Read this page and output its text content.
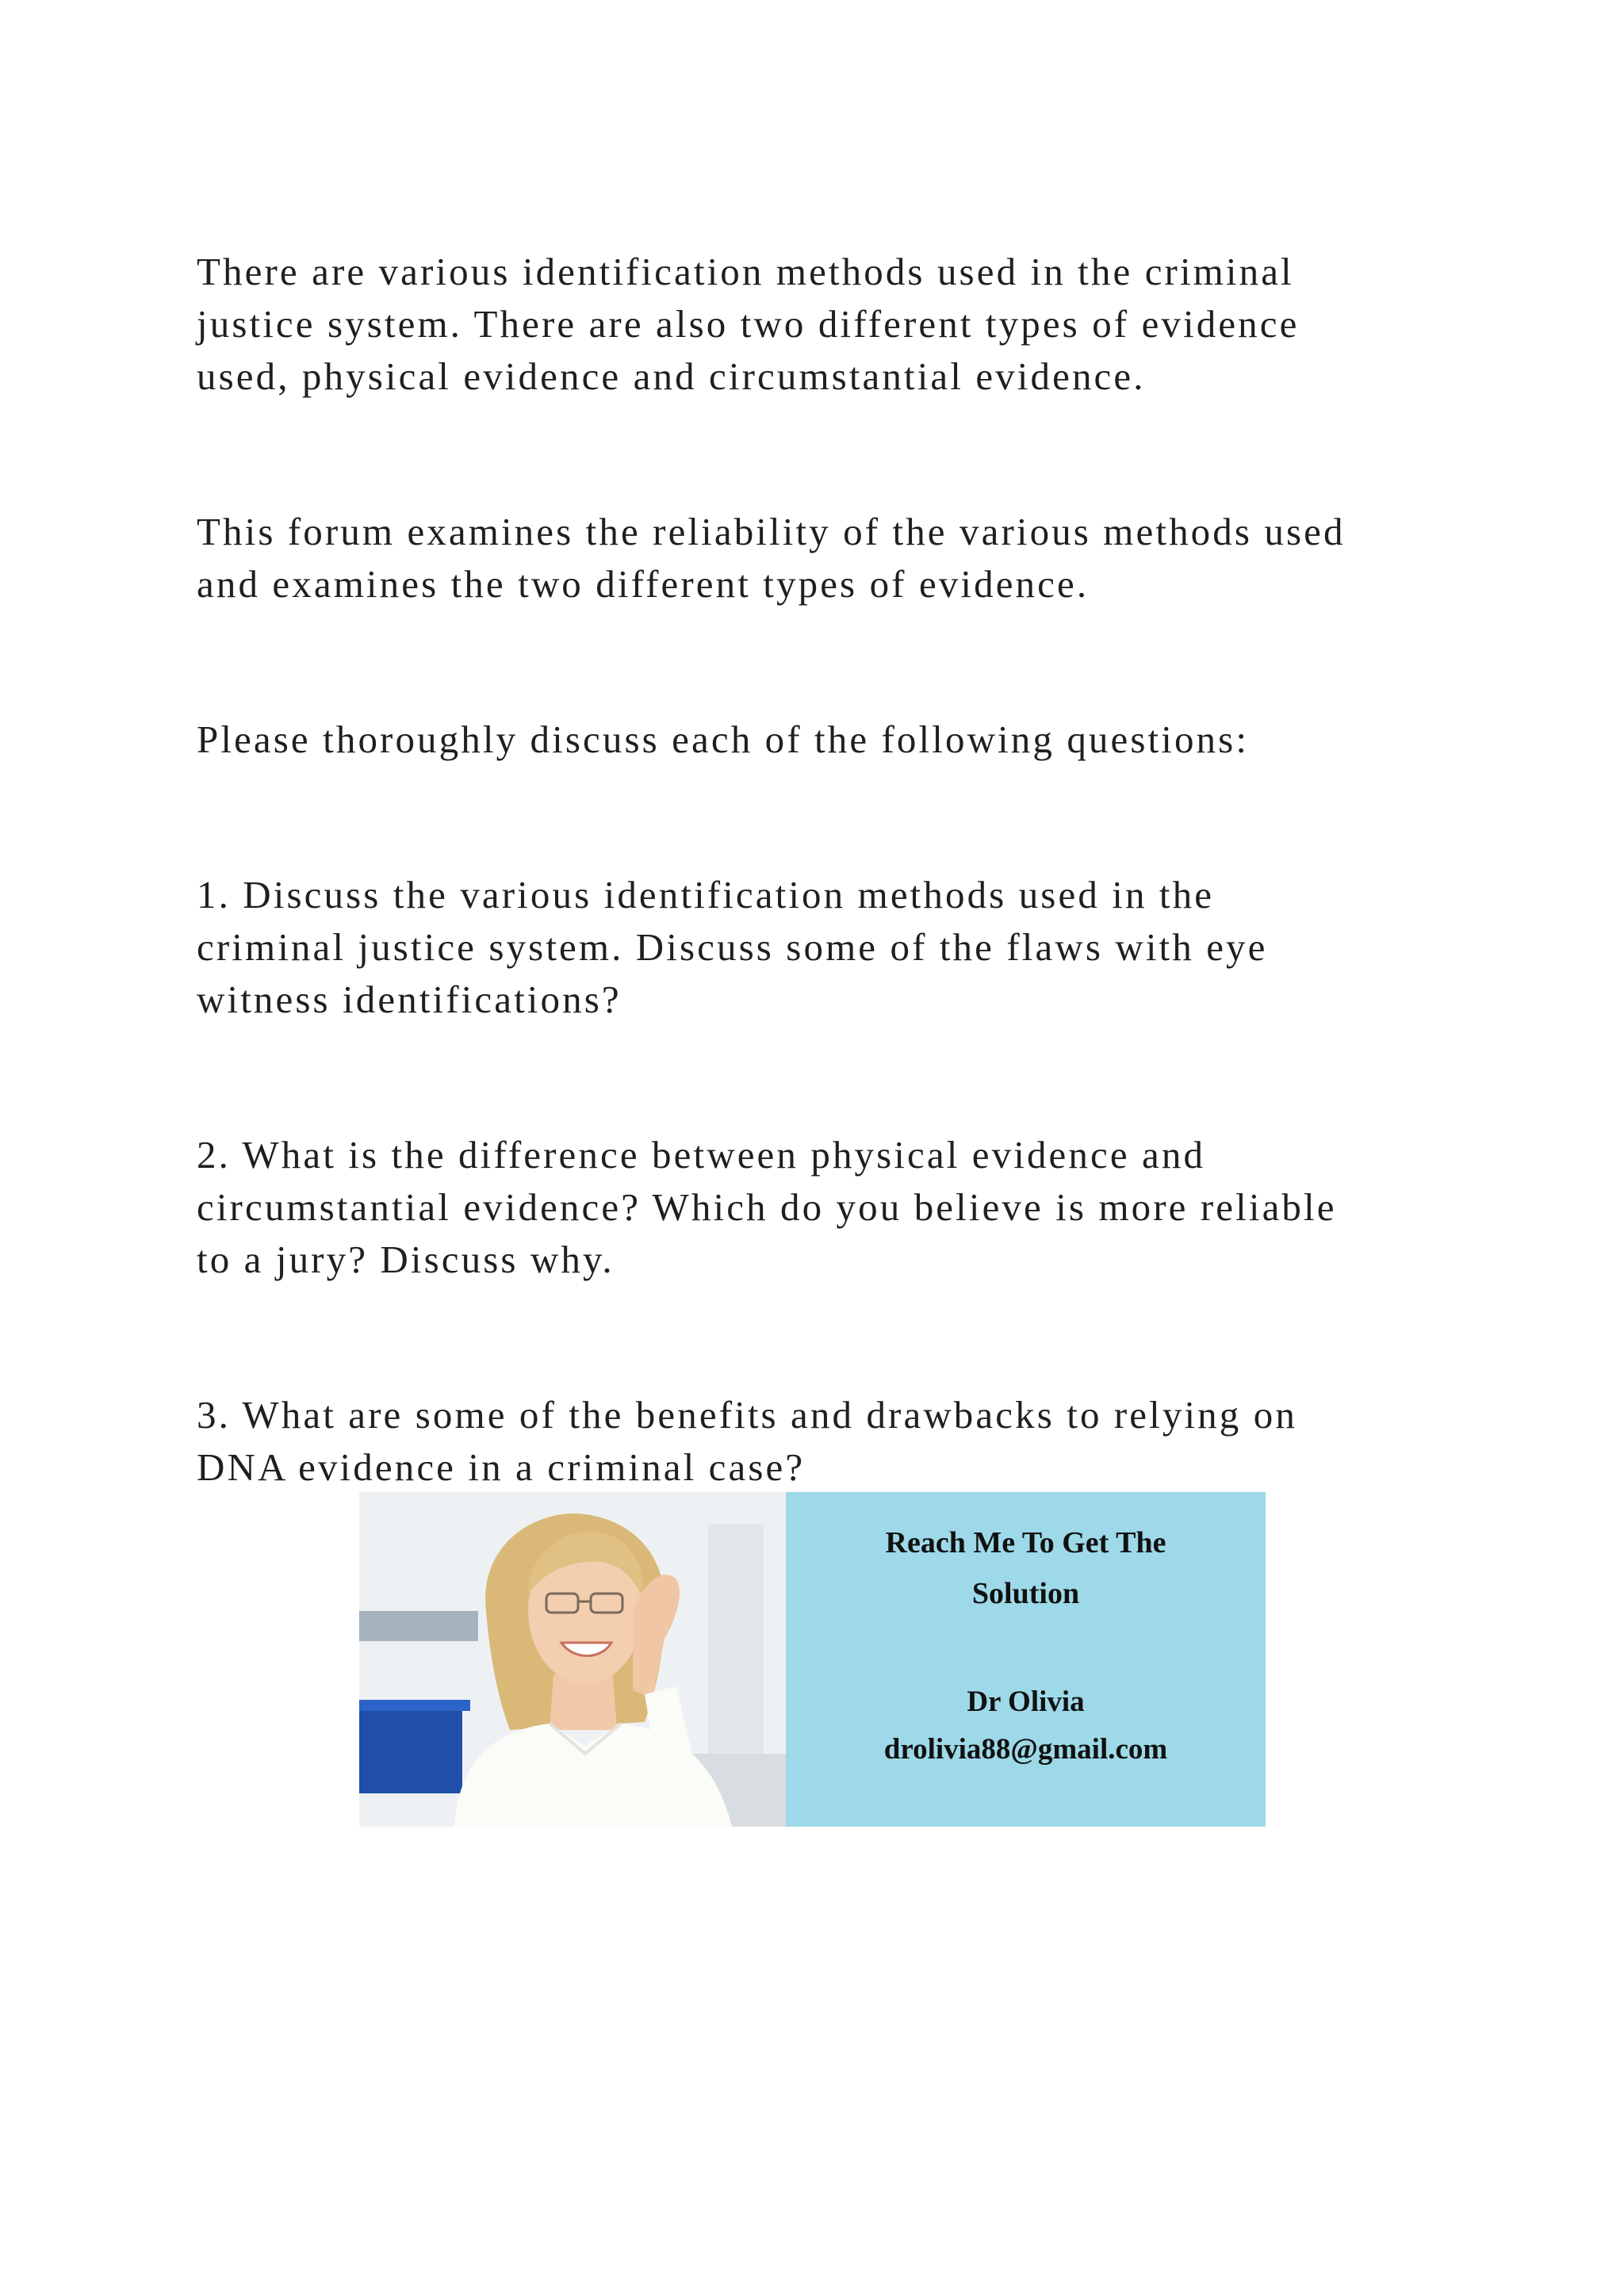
There are various identification methods used in the criminal
justice system. There are also two different types of evidence
used, physical evidence and circumstantial evidence.

This forum examines the reliability of the various methods used
and examines the two different types of evidence.

Please thoroughly discuss each of the following questions:

1. Discuss the various identification methods used in the
criminal justice system. Discuss some of the flaws with eye
witness identifications?

2. What is the difference between physical evidence and
circumstantial evidence? Which do you believe is more reliable
to a jury? Discuss why.

3. What are some of the benefits and drawbacks to relying on
DNA evidence in a criminal case?

Reach Me To Get The
Solution

Dr Olivia

drolivia88@gmail.com
